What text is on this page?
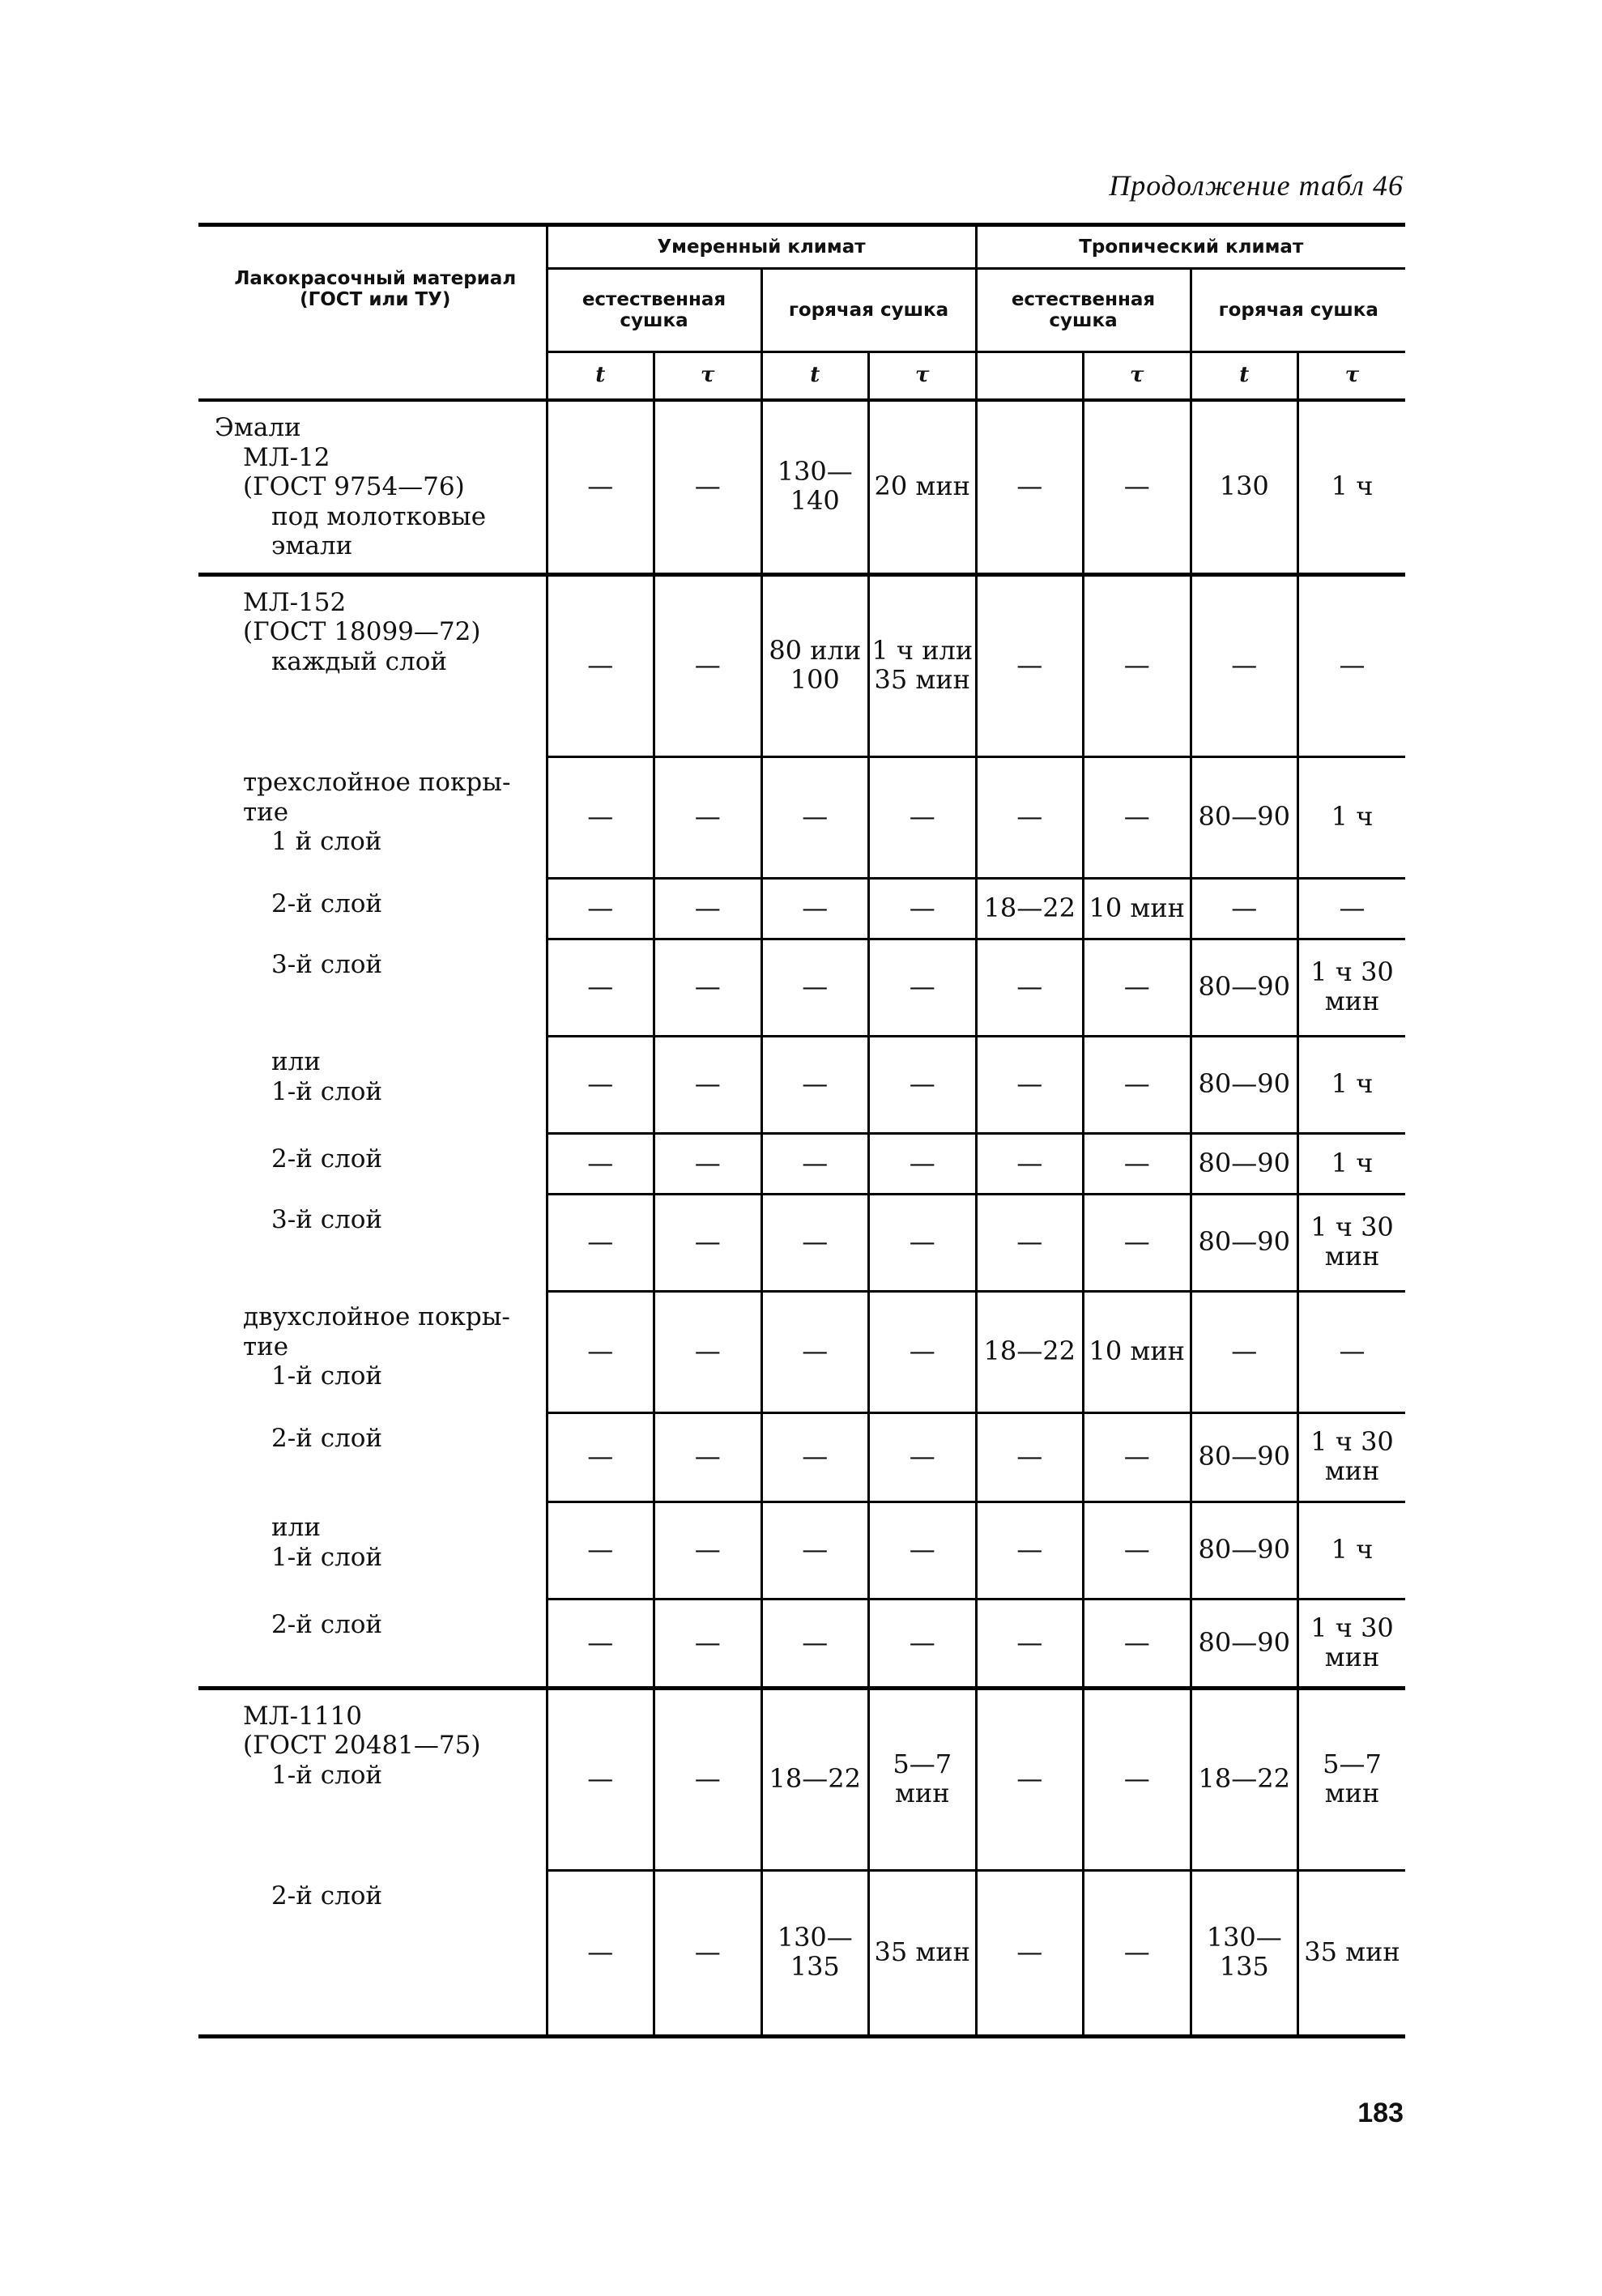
Продолжение табл 46
Лакокрасочный материал (ГОСТ или ТУ)	Умеренный климат				Тропический климат			
	естественная сушка		горячая сушка		естественная сушка		горячая сушка	
	t	τ	t	τ		τ	t	τ

Эмали
МЛ-12
(ГОСТ 9754—76)
под молотковые
эмали	—	—	130—140	20 мин	—	—	130	1 ч

МЛ-152
(ГОСТ 18099—72)
каждый слой	—	—	80 или 100	1 ч или 35 мин	—	—	—	—

трехслойное покры-
тие
1 й слой	—	—	—	—	—	—	80—90	1 ч

2-й слой	—	—	—	—	18—22	10 мин	—	—

3-й слой	—	—	—	—	—	—	80—90	1 ч 30 мин

или
1-й слой	—	—	—	—	—	—	80—90	1 ч

2-й слой	—	—	—	—	—	—	80—90	1 ч

3-й слой	—	—	—	—	—	—	80—90	1 ч 30 мин

двухслойное покры-
тие
1-й слой	—	—	—	—	18—22	10 мин	—	—

2-й слой	—	—	—	—	—	—	80—90	1 ч 30 мин

или
1-й слой	—	—	—	—	—	—	80—90	1 ч

2-й слой	—	—	—	—	—	—	80—90	1 ч 30 мин

МЛ-1110
(ГОСТ 20481—75)
1-й слой	—	—	18—22	5—7 мин	—	—	18—22	5—7 мин

2-й слой	—	—	130—135	35 мин	—	—	130—135	35 мин
183
